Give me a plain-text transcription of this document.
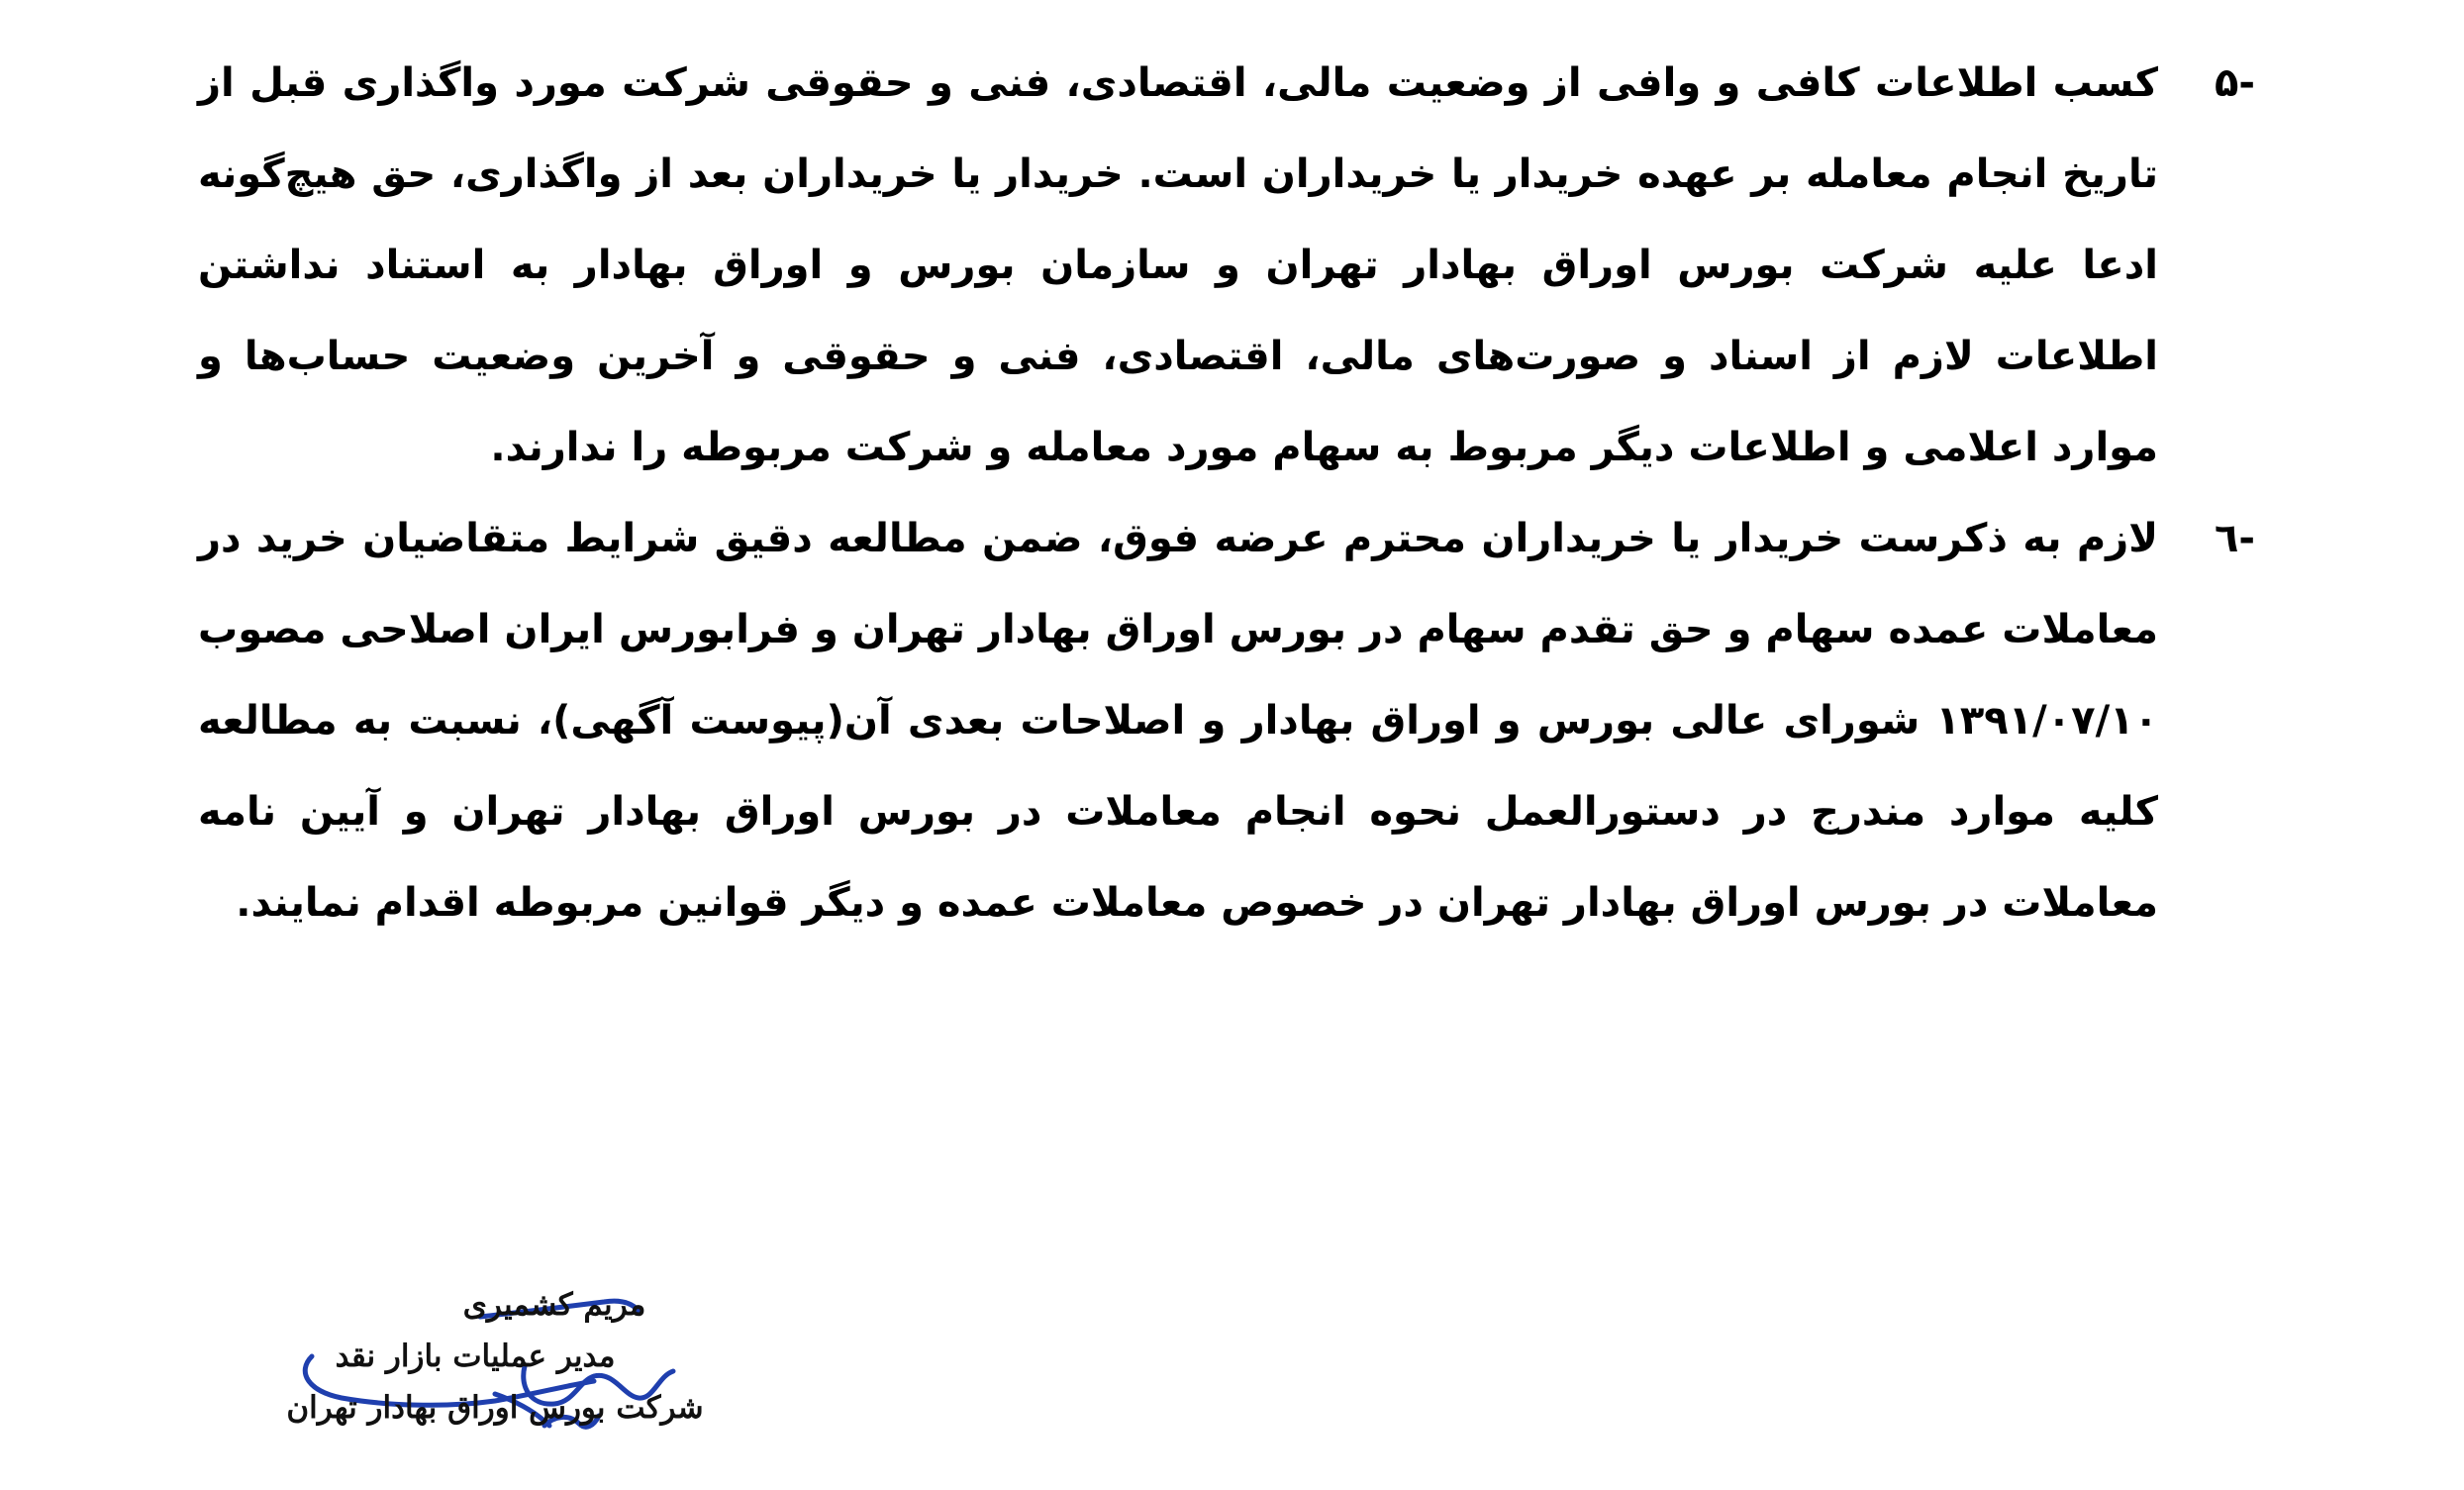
-۵

کسب اطلاعات کافی و وافی از وضعیت مالی، اقتصادی، فنی و حقوقی شرکت مورد واگذاری قبل از تاریخ انجام معامله بر عهده خریدار یا خریداران است. خریدار یا خریداران بعد از واگذاری، حق هیچ‌گونه ادعا علیه شرکت بورس اوراق بهادار تهران و سازمان بورس و اوراق بهادار به استناد نداشتن اطلاعات لازم از اسناد و صورت‌های مالی، اقتصادی، فنی و حقوقی و آخرین وضعیت حساب‌ها و موارد اعلامی و اطلاعات دیگر مربوط به سهام مورد معامله و شرکت مربوطه را ندارند.

-٦

لازم به ذکرست خریدار یا خریداران محترم عرضه فوق، ضمن مطالعه دقیق شرایط متقاضیان خرید در معاملات عمده سهام و حق تقدم سهام در بورس اوراق بهادار تهران و فرابورس ایران اصلاحی مصوب ۱۳۹۱/۰۷/۱۰ شورای عالی بورس و اوراق بهادار و اصلاحات بعدی آن(پیوست آگهی)، نسبت به مطالعه کلیه موارد مندرج در دستورالعمل نحوه انجام معاملات در بورس اوراق بهادار تهران و آیین نامه معاملات در بورس اوراق بهادار تهران در خصوص معاملات عمده و دیگر قوانین مربوطه اقدام نمایند.

مریم کشمیری
مدیر عملیات بازار نقد
شرکت بورس اوراق بهادار تهران
